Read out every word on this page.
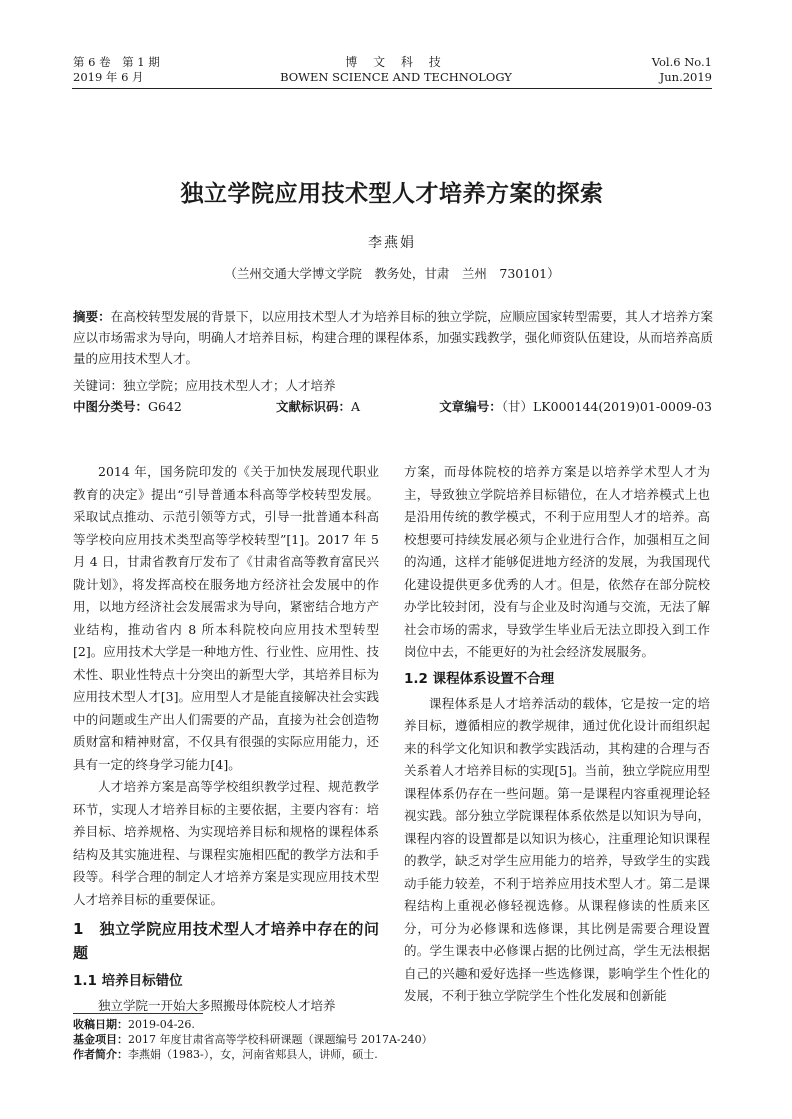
第 6 卷　第 1 期
2019 年 6 月
博 文 科 技
BOWEN SCIENCE AND TECHNOLOGY
Vol.6 No.1
Jun.2019
独立学院应用技术型人才培养方案的探索
李燕娟
（兰州交通大学博文学院　教务处，甘肃　兰州　730101）
摘要：在高校转型发展的背景下，以应用技术型人才为培养目标的独立学院，应顺应国家转型需要，其人才培养方案应以市场需求为导向，明确人才培养目标，构建合理的课程体系，加强实践教学，强化师资队伍建设，从而培养高质量的应用技术型人才。
关键词：独立学院；应用技术型人才；人才培养
中图分类号：G642	文献标识码：A	文章编号：（甘）LK000144(2019)01-0009-03

2014 年，国务院印发的《关于加快发展现代职业教育的决定》提出“引导普通本科高等学校转型发展。采取试点推动、示范引领等方式，引导一批普通本科高等学校向应用技术类型高等学校转型”[1]。2017 年 5 月 4 日，甘肃省教育厅发布了《甘肃省高等教育富民兴陇计划》，将发挥高校在服务地方经济社会发展中的作用，以地方经济社会发展需求为导向，紧密结合地方产业结构，推动省内 8 所本科院校向应用技术型转型[2]。应用技术大学是一种地方性、行业性、应用性、技术性、职业性特点十分突出的新型大学，其培养目标为应用技术型人才[3]。应用型人才是能直接解决社会实践中的问题或生产出人们需要的产品，直接为社会创造物质财富和精神财富，不仅具有很强的实际应用能力，还具有一定的终身学习能力[4]。

人才培养方案是高等学校组织教学过程、规范教学环节，实现人才培养目标的主要依据，主要内容有：培养目标、培养规格、为实现培养目标和规格的课程体系结构及其实施进程、与课程实施相匹配的教学方法和手段等。科学合理的制定人才培养方案是实现应用技术型人才培养目标的重要保证。

1　独立学院应用技术型人才培养中存在的问题
1.1 培养目标错位

独立学院一开始大多照搬母体院校人才培养

方案，而母体院校的培养方案是以培养学术型人才为主，导致独立学院培养目标错位，在人才培养模式上也是沿用传统的教学模式，不利于应用型人才的培养。高校想要可持续发展必须与企业进行合作，加强相互之间的沟通，这样才能够促进地方经济的发展，为我国现代化建设提供更多优秀的人才。但是，依然存在部分院校办学比较封闭，没有与企业及时沟通与交流，无法了解社会市场的需求，导致学生毕业后无法立即投入到工作岗位中去，不能更好的为社会经济发展服务。

1.2 课程体系设置不合理

课程体系是人才培养活动的载体，它是按一定的培养目标，遵循相应的教学规律，通过优化设计而组织起来的科学文化知识和教学实践活动，其构建的合理与否关系着人才培养目标的实现[5]。当前，独立学院应用型课程体系仍存在一些问题。第一是课程内容重视理论轻视实践。部分独立学院课程体系依然是以知识为导向，课程内容的设置都是以知识为核心，注重理论知识课程的教学，缺乏对学生应用能力的培养，导致学生的实践动手能力较差，不利于培养应用技术型人才。第二是课程结构上重视必修轻视选修。从课程修读的性质来区分，可分为必修课和选修课，其比例是需要合理设置的。学生课表中必修课占据的比例过高，学生无法根据自己的兴趣和爱好选择一些选修课，影响学生个性化的发展，不利于独立学院学生个性化发展和创新能

收稿日期：2019-04-26.
基金项目：2017 年度甘肃省高等学校科研课题（课题编号 2017A-240）
作者简介：李燕娟（1983-），女，河南省郏县人，讲师，硕士.
